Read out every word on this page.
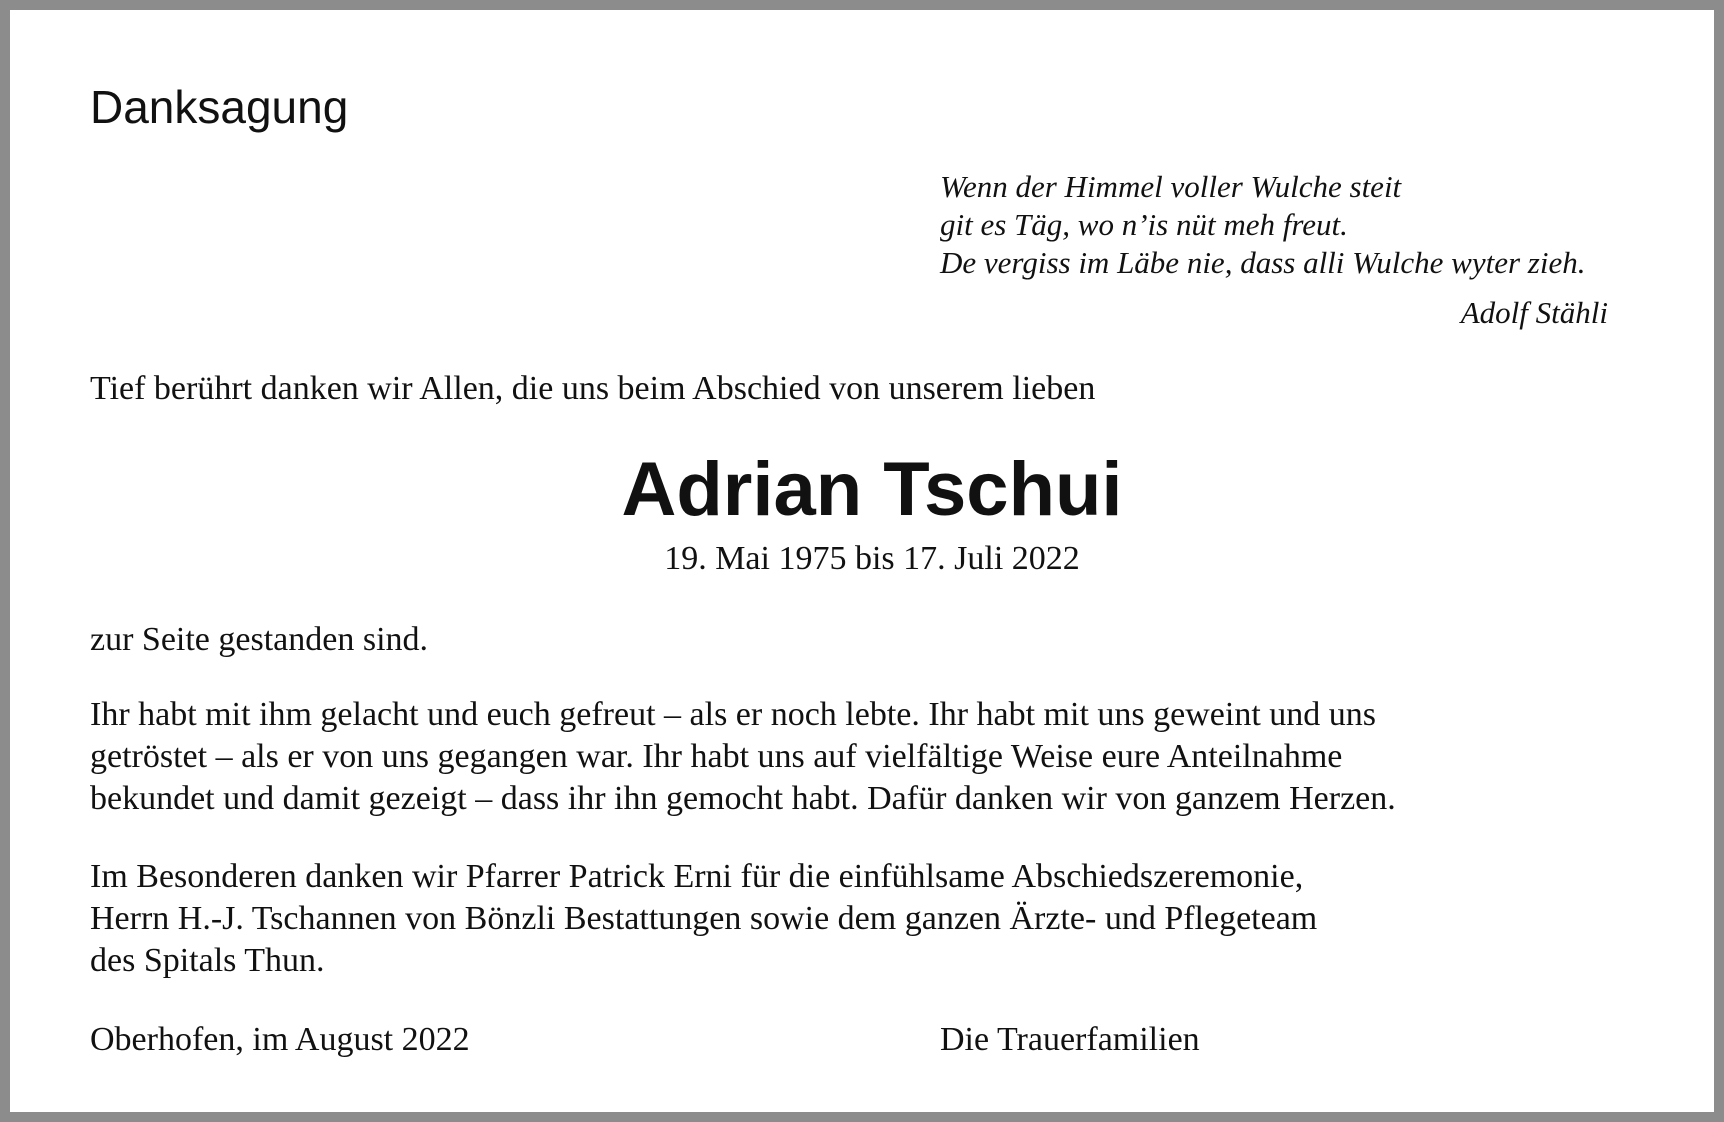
Danksagung
Wenn der Himmel voller Wulche steit
git es Täg, wo n’is nüt meh freut.
De vergiss im Läbe nie, dass alli Wulche wyter zieh.
Adolf Stähli
Tief berührt danken wir Allen, die uns beim Abschied von unserem lieben
Adrian Tschui
19. Mai 1975 bis 17. Juli 2022
zur Seite gestanden sind.
Ihr habt mit ihm gelacht und euch gefreut – als er noch lebte. Ihr habt mit uns geweint und uns
getröstet – als er von uns gegangen war. Ihr habt uns auf vielfältige Weise eure Anteilnahme
bekundet und damit gezeigt – dass ihr ihn gemocht habt. Dafür danken wir von ganzem Herzen.
Im Besonderen danken wir Pfarrer Patrick Erni für die einfühlsame Abschiedszeremonie,
Herrn H.-J. Tschannen von Bönzli Bestattungen sowie dem ganzen Ärzte- und Pflegeteam
des Spitals Thun.
Oberhofen, im August 2022	Die Trauerfamilien
